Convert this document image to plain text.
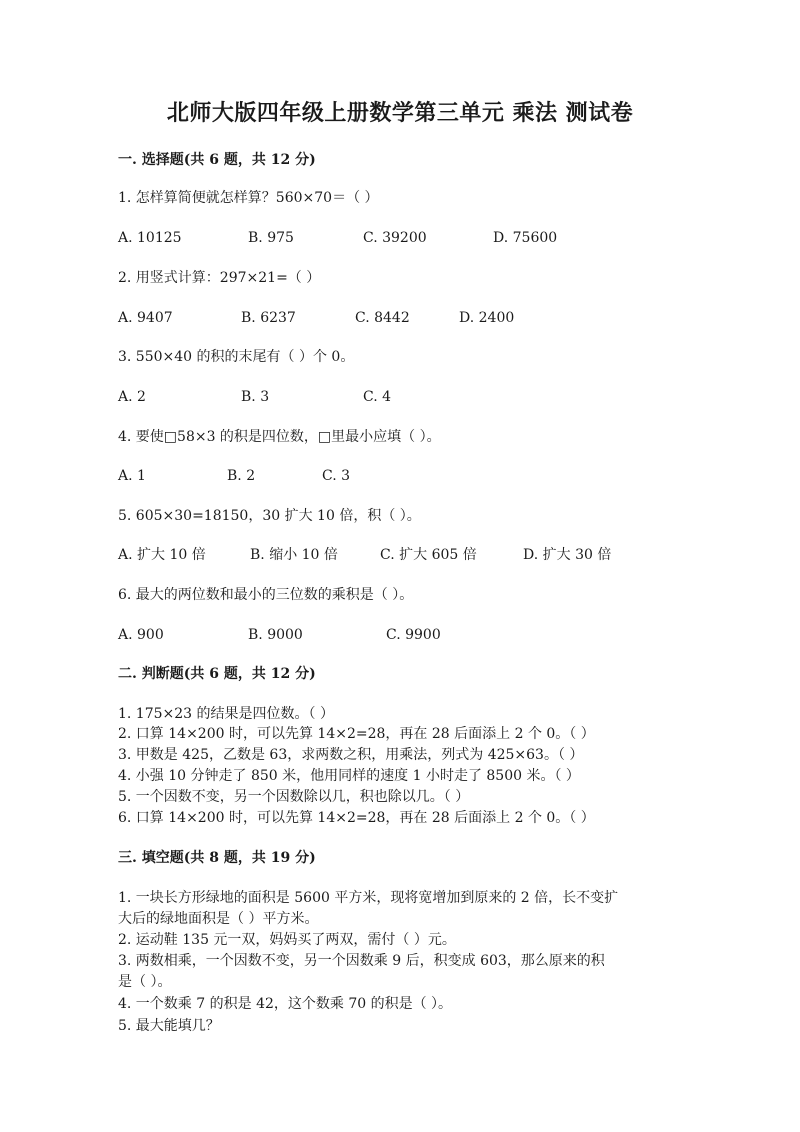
北师大版四年级上册数学第三单元 乘法 测试卷
一. 选择题(共 6 题，共 12 分)
1. 怎样算简便就怎样算？560×70＝（ ）
A. 10125	B. 975	C. 39200	D. 75600
2. 用竖式计算：297×21=（ ）
A. 9407	B. 6237	C. 8442	D. 2400
3. 550×40 的积的末尾有（ ）个 0。
A. 2	B. 3	C. 4
4. 要使□58×3 的积是四位数，□里最小应填（ ）。
A. 1	B. 2	C. 3
5. 605×30=18150，30 扩大 10 倍，积（ ）。
A. 扩大 10 倍	B. 缩小 10 倍	C. 扩大 605 倍	D. 扩大 30 倍
6. 最大的两位数和最小的三位数的乘积是（ ）。
A. 900	B. 9000	C. 9900
二. 判断题(共 6 题，共 12 分)
1. 175×23 的结果是四位数。（ ）
2. 口算 14×200 时，可以先算 14×2=28，再在 28 后面添上 2 个 0。（ ）
3. 甲数是 425，乙数是 63，求两数之积，用乘法，列式为 425×63。（ ）
4. 小强 10 分钟走了 850 米，他用同样的速度 1 小时走了 8500 米。（ ）
5. 一个因数不变，另一个因数除以几，积也除以几。（ ）
6. 口算 14×200 时，可以先算 14×2=28，再在 28 后面添上 2 个 0。（ ）
三. 填空题(共 8 题，共 19 分)
1. 一块长方形绿地的面积是 5600 平方米，现将宽增加到原来的 2 倍，长不变扩
大后的绿地面积是（ ）平方米。
2. 运动鞋 135 元一双，妈妈买了两双，需付（ ）元。
3. 两数相乘，一个因数不变，另一个因数乘 9 后，积变成 603，那么原来的积
是（ ）。
4. 一个数乘 7 的积是 42，这个数乘 70 的积是（ ）。
5. 最大能填几？
